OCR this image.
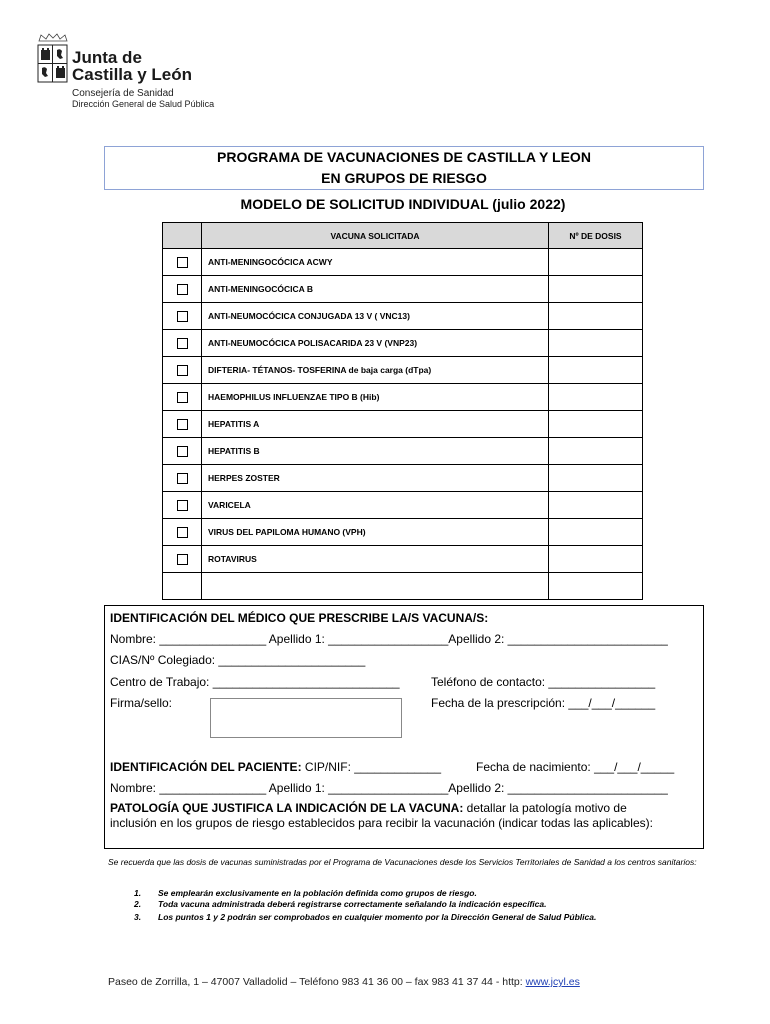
Junta de
Castilla y León
Consejería de Sanidad
Dirección General de Salud Pública
PROGRAMA DE VACUNACIONES DE CASTILLA Y LEON
EN GRUPOS DE RIESGO
MODELO DE SOLICITUD INDIVIDUAL (julio 2022)
	VACUNA SOLICITADA	Nº DE DOSIS
	ANTI-MENINGOCÓCICA ACWY	
	ANTI-MENINGOCÓCICA B	
	ANTI-NEUMOCÓCICA CONJUGADA 13 V ( VNC13)	
	ANTI-NEUMOCÓCICA POLISACARIDA 23 V (VNP23)	
	DIFTERIA- TÉTANOS- TOSFERINA de baja carga (dTpa)	
	HAEMOPHILUS INFLUENZAE TIPO B (Hib)	
	HEPATITIS A	
	HEPATITIS B	
	HERPES ZOSTER	
	VARICELA	
	VIRUS DEL PAPILOMA HUMANO (VPH)	
	ROTAVIRUS	

IDENTIFICACIÓN DEL MÉDICO QUE PRESCRIBE LA/S VACUNA/S:
Nombre: ________________ Apellido 1: __________________Apellido 2: ________________________
CIAS/Nº Colegiado: ______________________
Centro de Trabajo: ____________________________	Teléfono de contacto: ________________
Firma/sello:	Fecha de la prescripción: ___/___/______
IDENTIFICACIÓN DEL PACIENTE: CIP/NIF: _____________	Fecha de nacimiento: ___/___/_____
Nombre: ________________ Apellido 1: __________________Apellido 2: ________________________
PATOLOGÍA QUE JUSTIFICA LA INDICACIÓN DE LA VACUNA: detallar la patología motivo de
inclusión en los grupos de riesgo establecidos para recibir la vacunación (indicar todas las aplicables):
Se recuerda que las dosis de vacunas suministradas por el Programa de Vacunaciones desde los Servicios Territoriales de Sanidad a los centros sanitarios:
1. Se emplearán exclusivamente en la población definida como grupos de riesgo.
2. Toda vacuna administrada deberá registrarse correctamente señalando la indicación específica.
3. Los puntos 1 y 2 podrán ser comprobados en cualquier momento por la Dirección General de Salud Pública.
Paseo de Zorrilla, 1 – 47007 Valladolid – Teléfono 983 41 36 00 – fax 983 41 37 44 - http: www.jcyl.es
